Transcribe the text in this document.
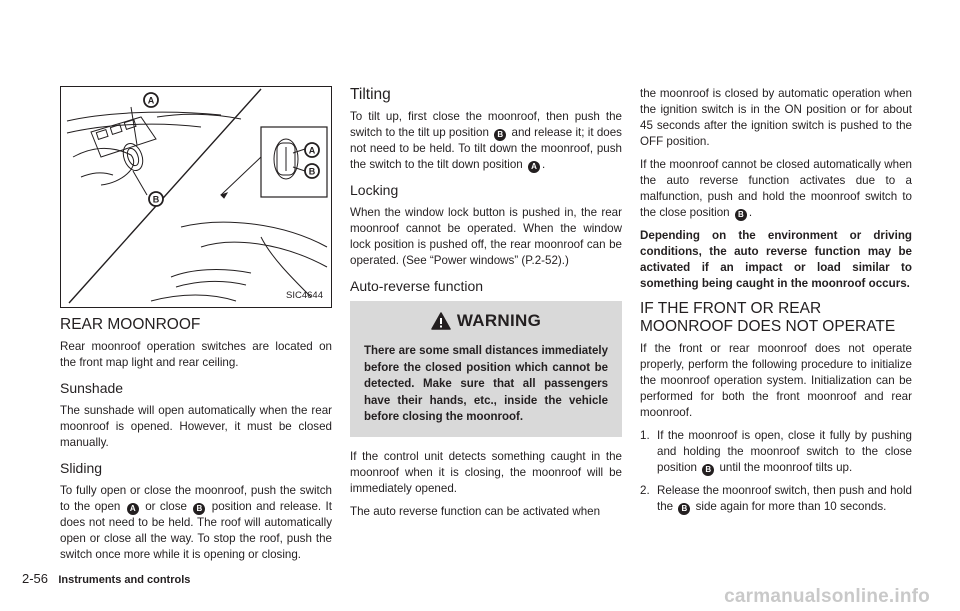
A
B
A
B
SIC4644
REAR MOONROOF

Rear moonroof operation switches are located on the front map light and rear ceiling.

Sunshade

The sunshade will open automatically when the rear moonroof is opened. However, it must be closed manually.

Sliding

To fully open or close the moonroof, push the switch to the open A or close B position and release. It does not need to be held. The roof will automatically open or close all the way. To stop the roof, push the switch once more while it is opening or closing.

Tilting

To tilt up, first close the moonroof, then push the switch to the tilt up position B and release it; it does not need to be held. To tilt down the moonroof, push the switch to the tilt down position A .

Locking

When the window lock button is pushed in, the rear moonroof cannot be operated. When the window lock position is pushed off, the rear moonroof can be operated. (See “Power windows” (P.2-52).)

Auto-reverse function
WARNING

There are some small distances immediately before the closed position which cannot be detected. Make sure that all passengers have their hands, etc., inside the vehicle before closing the moonroof.

If the control unit detects something caught in the moonroof when it is closing, the moonroof will be immediately opened.

The auto reverse function can be activated when

the moonroof is closed by automatic operation when the ignition switch is in the ON position or for about 45 seconds after the ignition switch is pushed to the OFF position.

If the moonroof cannot be closed automatically when the auto reverse function activates due to a malfunction, push and hold the moonroof switch to the close position B .

Depending on the environment or driving conditions, the auto reverse function may be activated if an impact or load similar to something being caught in the moonroof occurs.

IF THE FRONT OR REAR MOONROOF DOES NOT OPERATE

If the front or rear moonroof does not operate properly, perform the following procedure to initialize the moonroof operation system. Initialization can be performed for both the front moonroof and rear moonroof.

1. If the moonroof is open, close it fully by pushing and holding the moonroof switch to the close position B until the moonroof tilts up.
2. Release the moonroof switch, then push and hold the B side again for more than 10 seconds.
2-56 Instruments and controls
carmanualsonline.info
